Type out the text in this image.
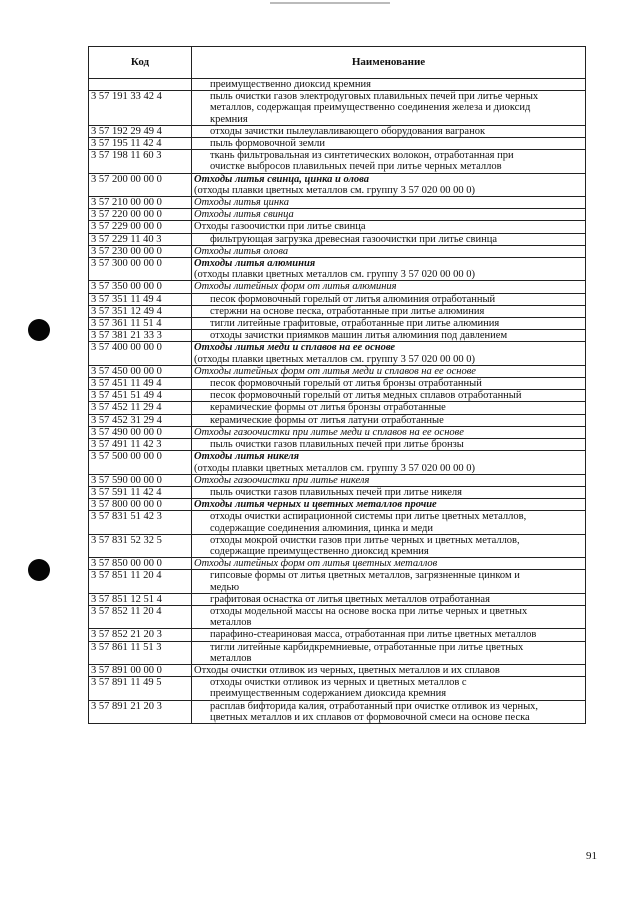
Код	Наименование

	преимущественно диоксид кремния

3 57 191 33 42 4	пыль очистки газов электродуговых плавильных печей при литье черных
металлов, содержащая преимущественно соединения железа и диоксид
кремния

3 57 192 29 49 4	отходы зачистки пылеулавливающего оборудования вагранок

3 57 195 11 42 4	пыль формовочной земли

3 57 198 11 60 3	ткань фильтровальная из синтетических волокон, отработанная при
очистке выбросов плавильных печей при литье черных металлов

3 57 200 00 00 0	Отходы литья свинца, цинка и олова
(отходы плавки цветных металлов см. группу 3 57 020 00 00 0)

3 57 210 00 00 0	Отходы литья цинка

3 57 220 00 00 0	Отходы литья свинца

3 57 229 00 00 0	Отходы газоочистки при литье свинца

3 57 229 11 40 3	фильтрующая загрузка древесная газоочистки при литье свинца

3 57 230 00 00 0	Отходы литья олова

3 57 300 00 00 0	Отходы литья алюминия
(отходы плавки цветных металлов см. группу 3 57 020 00 00 0)

3 57 350 00 00 0	Отходы литейных форм от литья алюминия

3 57 351 11 49 4	песок формовочный горелый от литья алюминия отработанный

3 57 351 12 49 4	стержни на основе песка, отработанные при литье алюминия

3 57 361 11 51 4	тигли литейные графитовые, отработанные при литье алюминия

3 57 381 21 33 3	отходы зачистки приямков машин литья алюминия под давлением

3 57 400 00 00 0	Отходы литья меди и сплавов на ее основе
(отходы плавки цветных металлов см. группу 3 57 020 00 00 0)

3 57 450 00 00 0	Отходы литейных форм от литья меди и сплавов на ее основе

3 57 451 11 49 4	песок формовочный горелый от литья бронзы отработанный

3 57 451 51 49 4	песок формовочный горелый от литья медных сплавов отработанный

3 57 452 11 29 4	керамические формы от литья бронзы отработанные

3 57 452 31 29 4	керамические формы от литья латуни отработанные

3 57 490 00 00 0	Отходы газоочистки при литье меди и сплавов на ее основе

3 57 491 11 42 3	пыль очистки газов плавильных печей при литье бронзы

3 57 500 00 00 0	Отходы литья никеля
(отходы плавки цветных металлов см. группу 3 57 020 00 00 0)

3 57 590 00 00 0	Отходы газоочистки при литье никеля

3 57 591 11 42 4	пыль очистки газов плавильных печей при литье никеля

3 57 800 00 00 0	Отходы литья черных и цветных металлов прочие

3 57 831 51 42 3	отходы очистки аспирационной системы при литье цветных металлов,
содержащие соединения алюминия, цинка и меди

3 57 831 52 32 5	отходы мокрой очистки газов при литье черных и цветных металлов,
содержащие преимущественно диоксид кремния

3 57 850 00 00 0	Отходы литейных форм от литья цветных металлов

3 57 851 11 20 4	гипсовые формы от литья цветных металлов, загрязненные цинком и
медью

3 57 851 12 51 4	графитовая оснастка от литья цветных металлов отработанная

3 57 852 11 20 4	отходы модельной массы на основе воска при литье черных и цветных
металлов

3 57 852 21 20 3	парафино-стеариновая масса, отработанная при литье цветных металлов

3 57 861 11 51 3	тигли литейные карбидкремниевые, отработанные при литье цветных
металлов

3 57 891 00 00 0	Отходы очистки отливок из черных, цветных металлов и их сплавов

3 57 891 11 49 5	отходы очистки отливок из черных и цветных металлов с
преимущественным содержанием диоксида кремния

3 57 891 21 20 3	расплав бифторида калия, отработанный при очистке отливок из черных,
цветных металлов и их сплавов от формовочной смеси на основе песка
91
